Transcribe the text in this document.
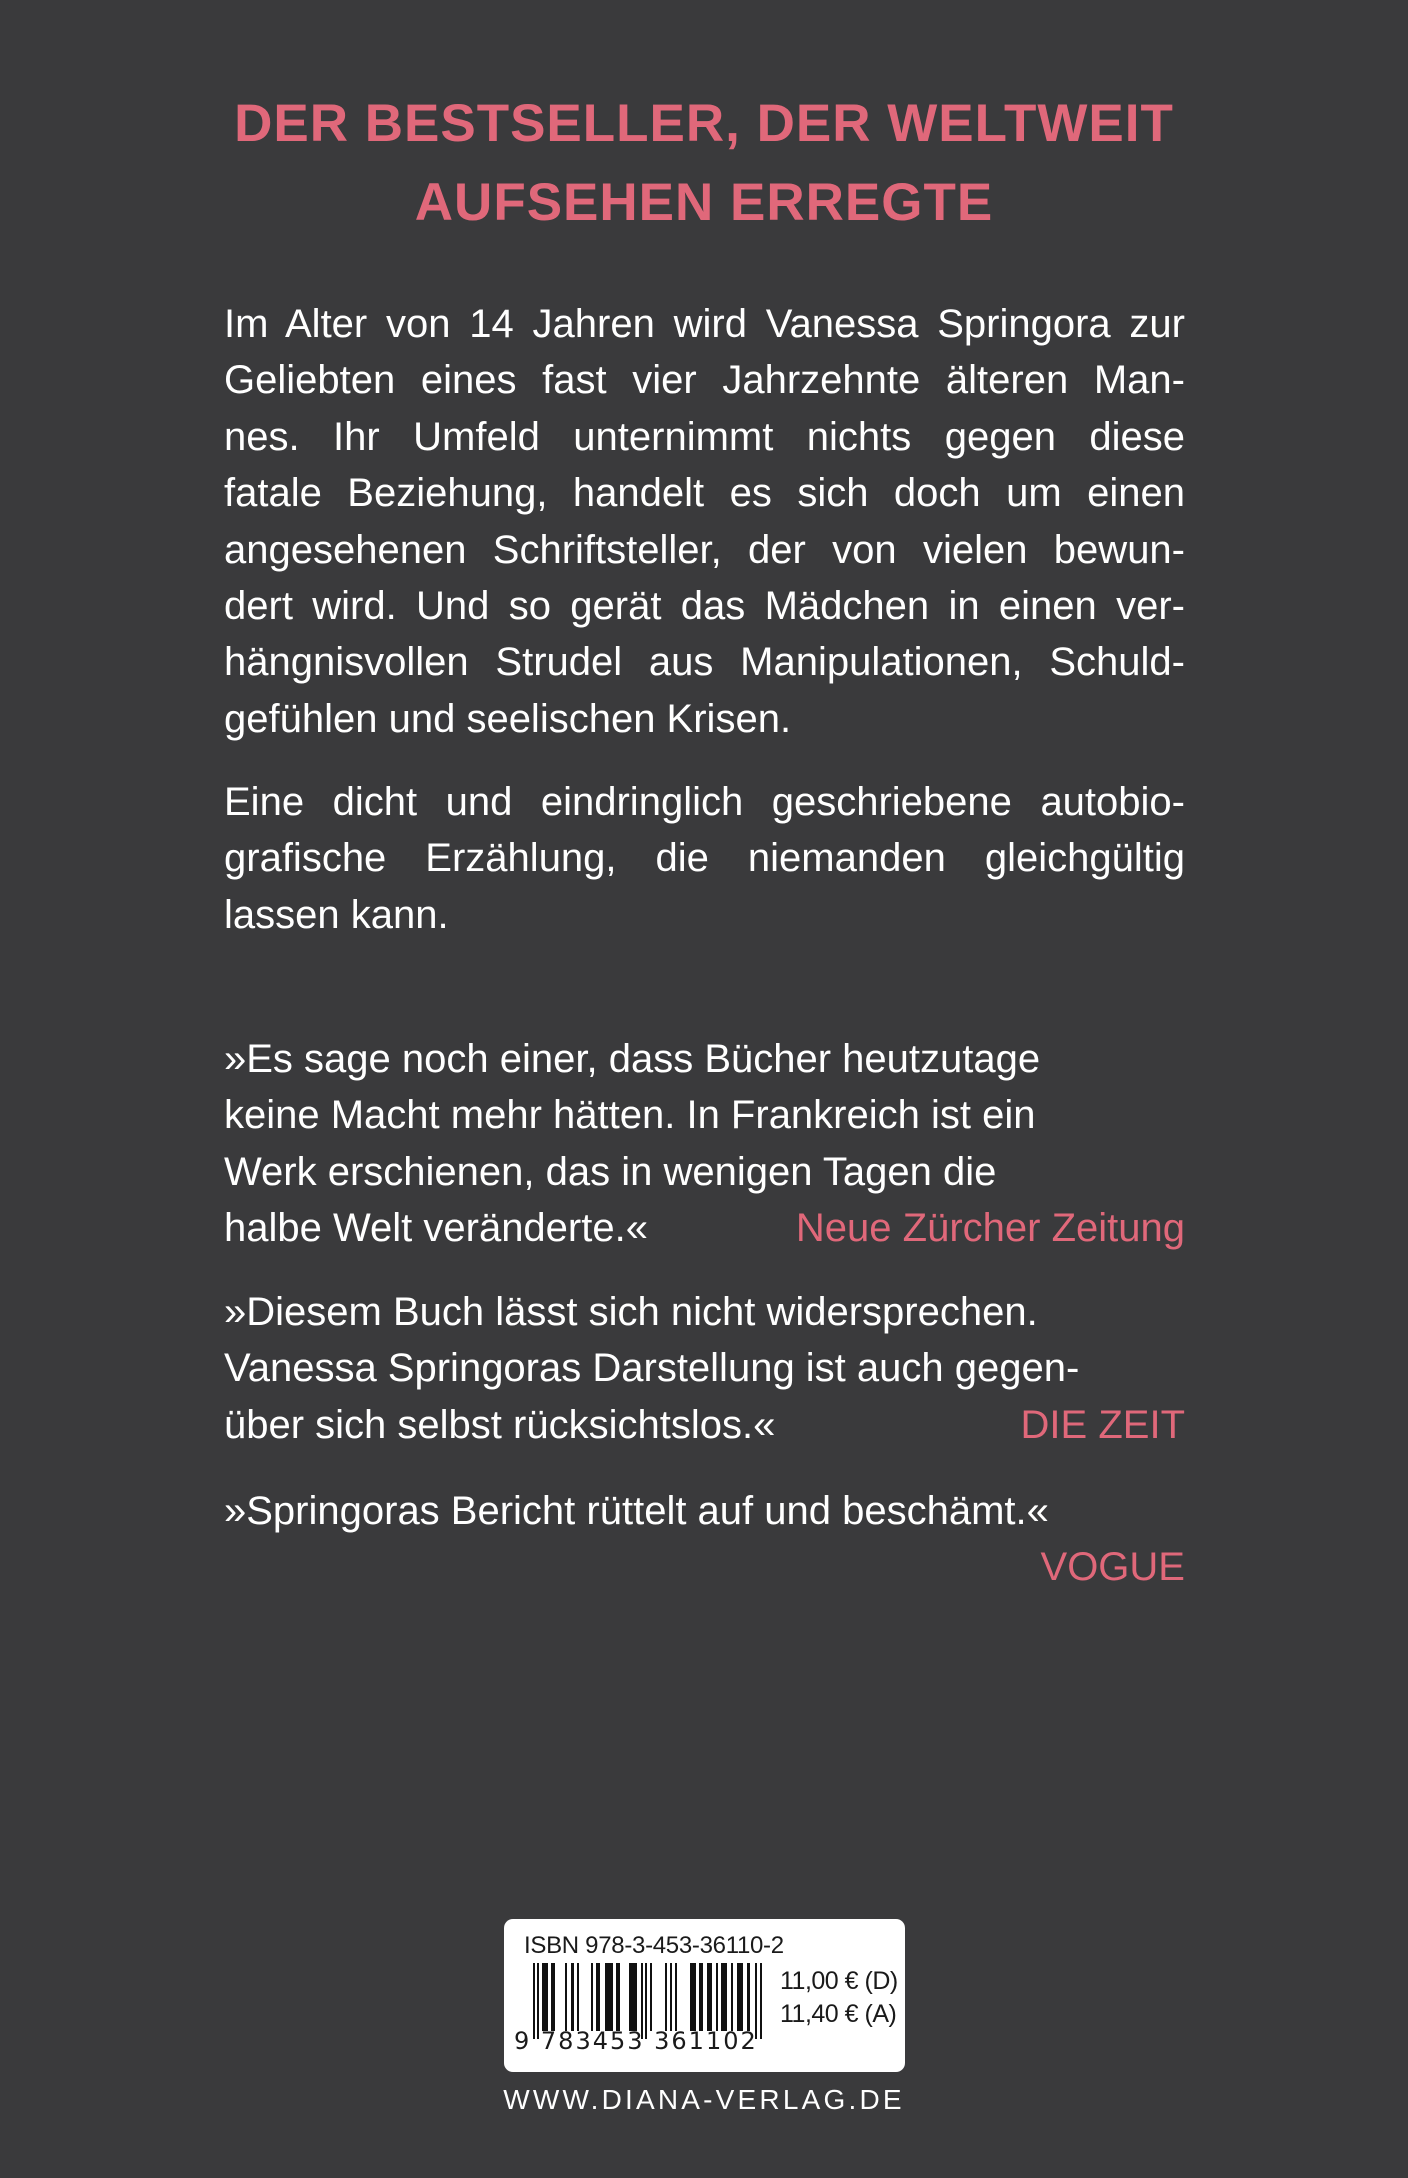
DER BESTSELLER, DER WELTWEIT
AUFSEHEN ERREGTE
Im Alter von 14 Jahren wird Vanessa Springora zur
Geliebten eines fast vier Jahrzehnte älteren Man-
nes. Ihr Umfeld unternimmt nichts gegen diese
fatale Beziehung, handelt es sich doch um einen
angesehenen Schriftsteller, der von vielen bewun-
dert wird. Und so gerät das Mädchen in einen ver-
hängnisvollen Strudel aus Manipulationen, Schuld-
gefühlen und seelischen Krisen.
Eine dicht und eindringlich geschriebene autobio-
grafische Erzählung, die niemanden gleichgültig
lassen kann.
»Es sage noch einer, dass Bücher heutzutage
keine Macht mehr hätten. In Frankreich ist ein
Werk erschienen, das in wenigen Tagen die
halbe Welt veränderte.«	Neue Zürcher Zeitung
»Diesem Buch lässt sich nicht widersprechen.
Vanessa Springoras Darstellung ist auch gegen-
über sich selbst rücksichtslos.«	DIE ZEIT
»Springoras Bericht rüttelt auf und beschämt.«
VOGUE
ISBN 978-3-453-36110-2
9 783453 361102
11,00 € (D)
11,40 € (A)
WWW.DIANA-VERLAG.DE
